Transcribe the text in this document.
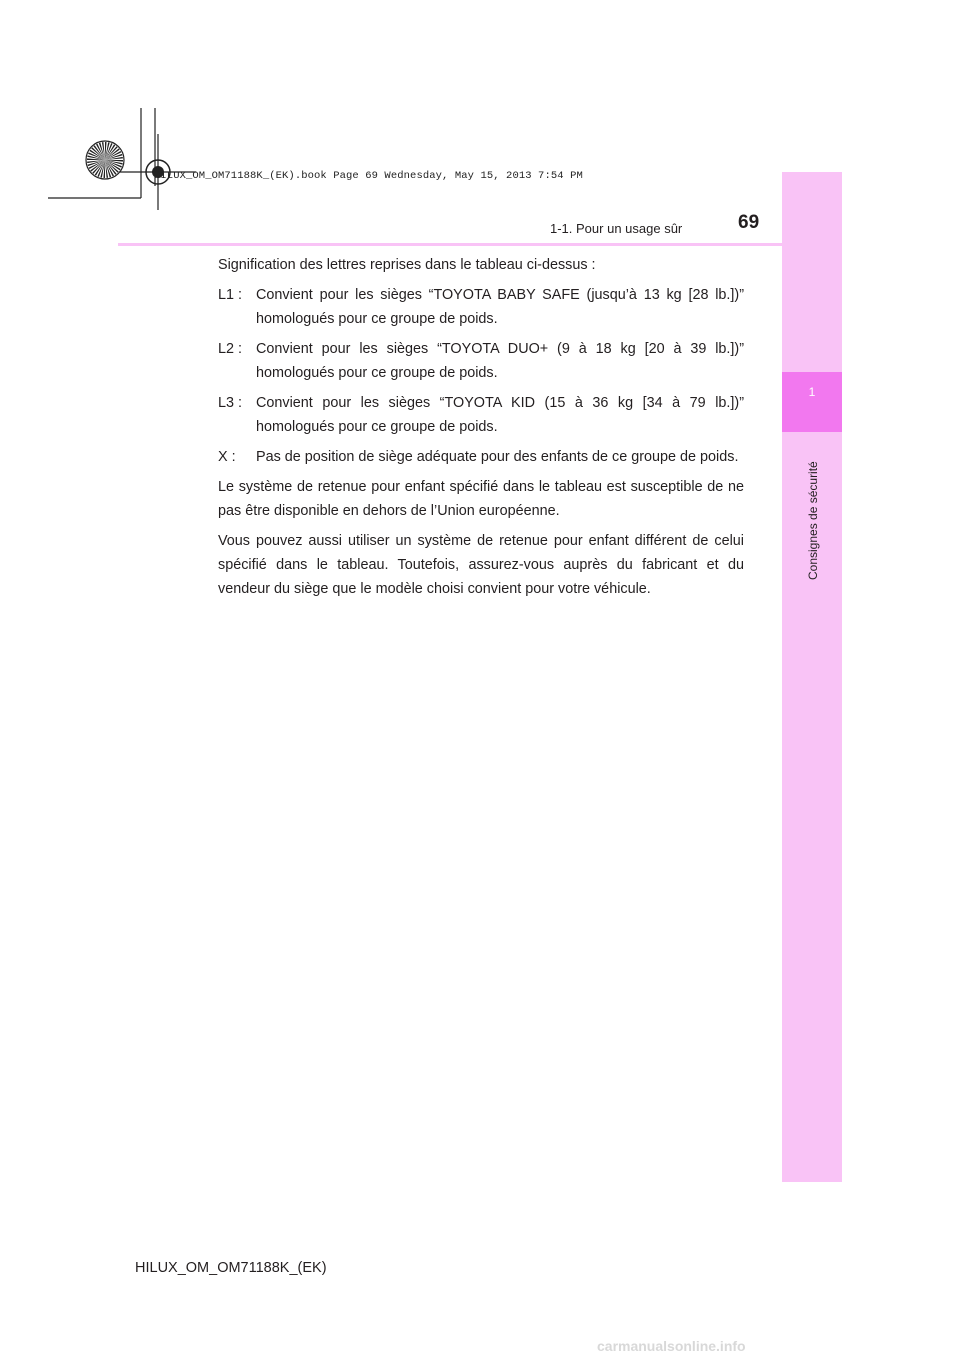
1
Consignes de sécurité
1-1. Pour un usage sûr	69
HILUX_OM_OM71188K_(EK).book Page 69 Wednesday, May 15, 2013 7:54 PM

Signification des lettres reprises dans le tableau ci-dessus :

L1 : Convient pour les sièges “TOYOTA BABY SAFE (jusqu’à 13 kg [28 lb.])” homologués pour ce groupe de poids.
L2 : Convient pour les sièges “TOYOTA DUO+ (9 à 18 kg [20 à 39 lb.])” homologués pour ce groupe de poids.
L3 : Convient pour les sièges “TOYOTA KID (15 à 36 kg [34 à 79 lb.])” homologués pour ce groupe de poids.
X :	Pas de position de siège adéquate pour des enfants de ce groupe de poids.

Le système de retenue pour enfant spécifié dans le tableau est susceptible de ne pas être disponible en dehors de l’Union européenne.

Vous pouvez aussi utiliser un système de retenue pour enfant différent de celui spécifié dans le tableau. Toutefois, assurez-vous auprès du fabricant et du vendeur du siège que le modèle choisi convient pour votre véhicule.

HILUX_OM_OM71188K_(EK)
carmanualsonline.info
